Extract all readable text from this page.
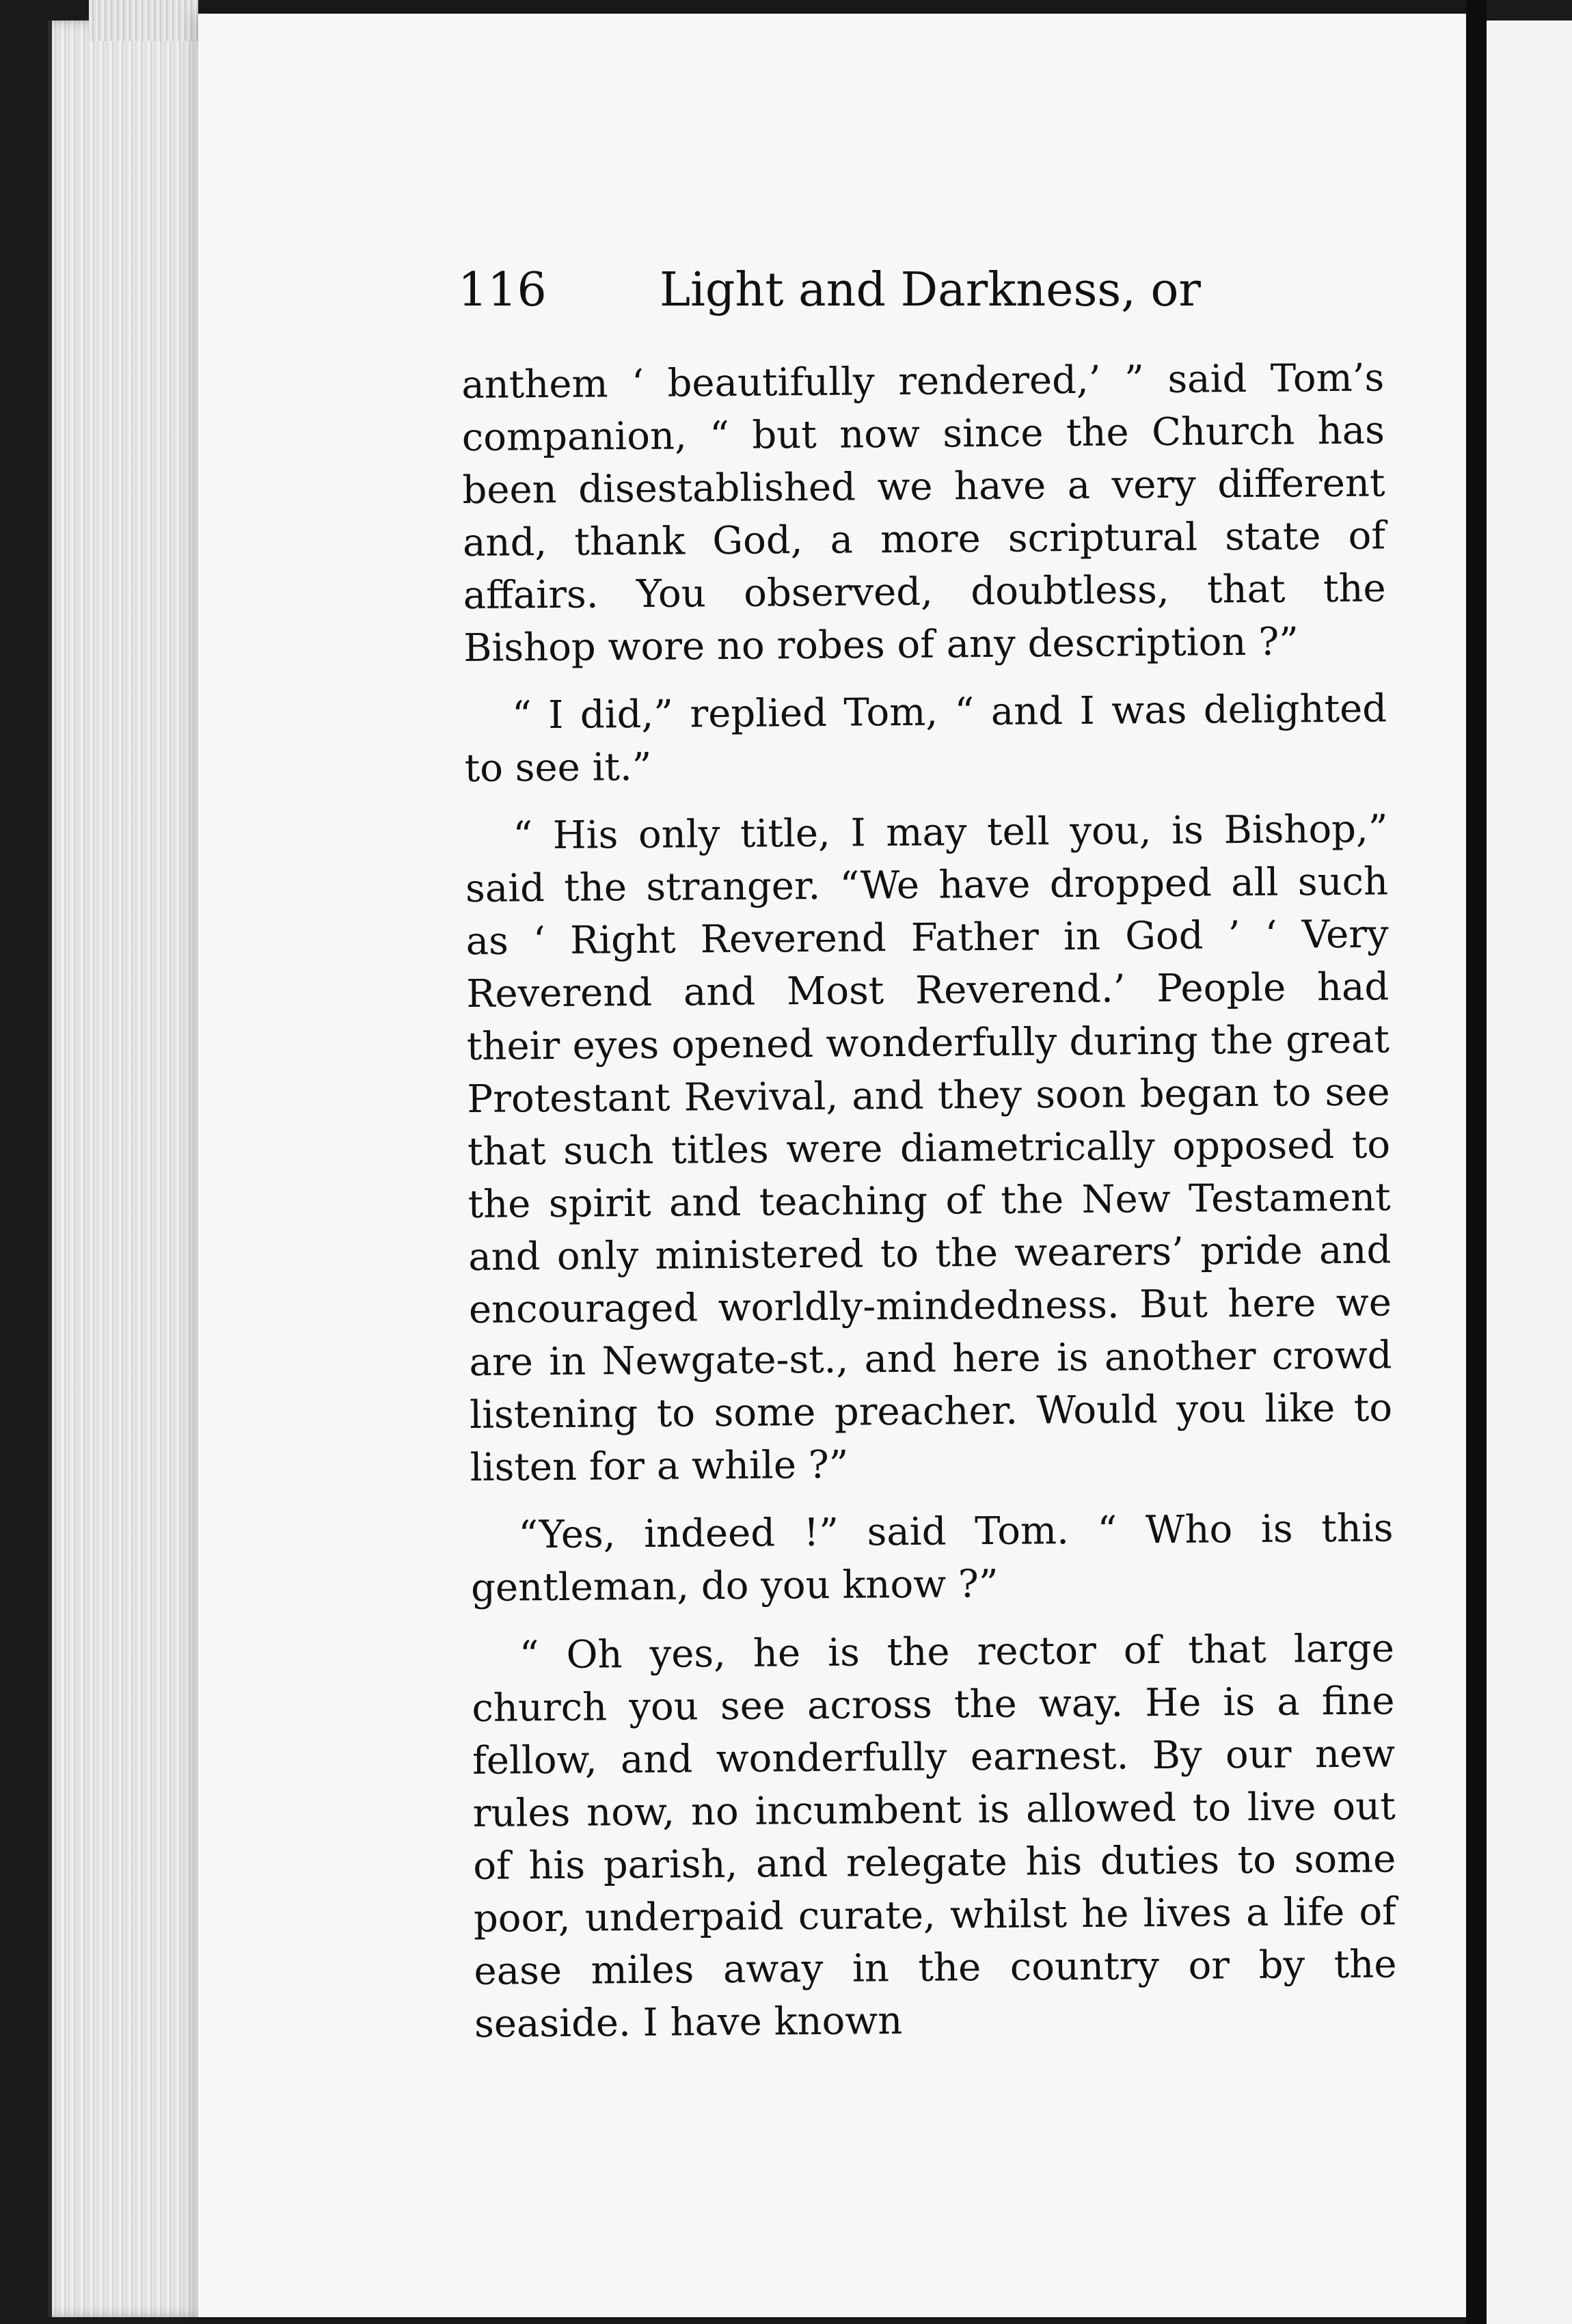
116 Light and Darkness, or

anthem ‘ beautifully rendered,’ ” said Tom’s companion, “ but now since the Church has been disestablished we have a very different and, thank God, a more scriptural state of affairs. You observed, doubtless, that the Bishop wore no robes of any description ?”

“ I did,” replied Tom, “ and I was delighted to see it.”

“ His only title, I may tell you, is Bishop,” said the stranger. “We have dropped all such as ‘ Right Reverend Father in God ’ ‘ Very Reverend and Most Reverend.’ People had their eyes opened wonderfully during the great Protestant Revival, and they soon began to see that such titles were diametrically opposed to the spirit and teaching of the New Testament and only ministered to the wearers’ pride and encouraged worldly-mindedness. But here we are in Newgate-st., and here is another crowd listening to some preacher. Would you like to listen for a while ?”

“Yes, indeed !” said Tom. “ Who is this gentleman, do you know ?”

“ Oh yes, he is the rector of that large church you see across the way. He is a fine fellow, and wonderfully earnest. By our new rules now, no incumbent is allowed to live out of his parish, and relegate his duties to some poor, underpaid curate, whilst he lives a life of ease miles away in the country or by the seaside. I have known
